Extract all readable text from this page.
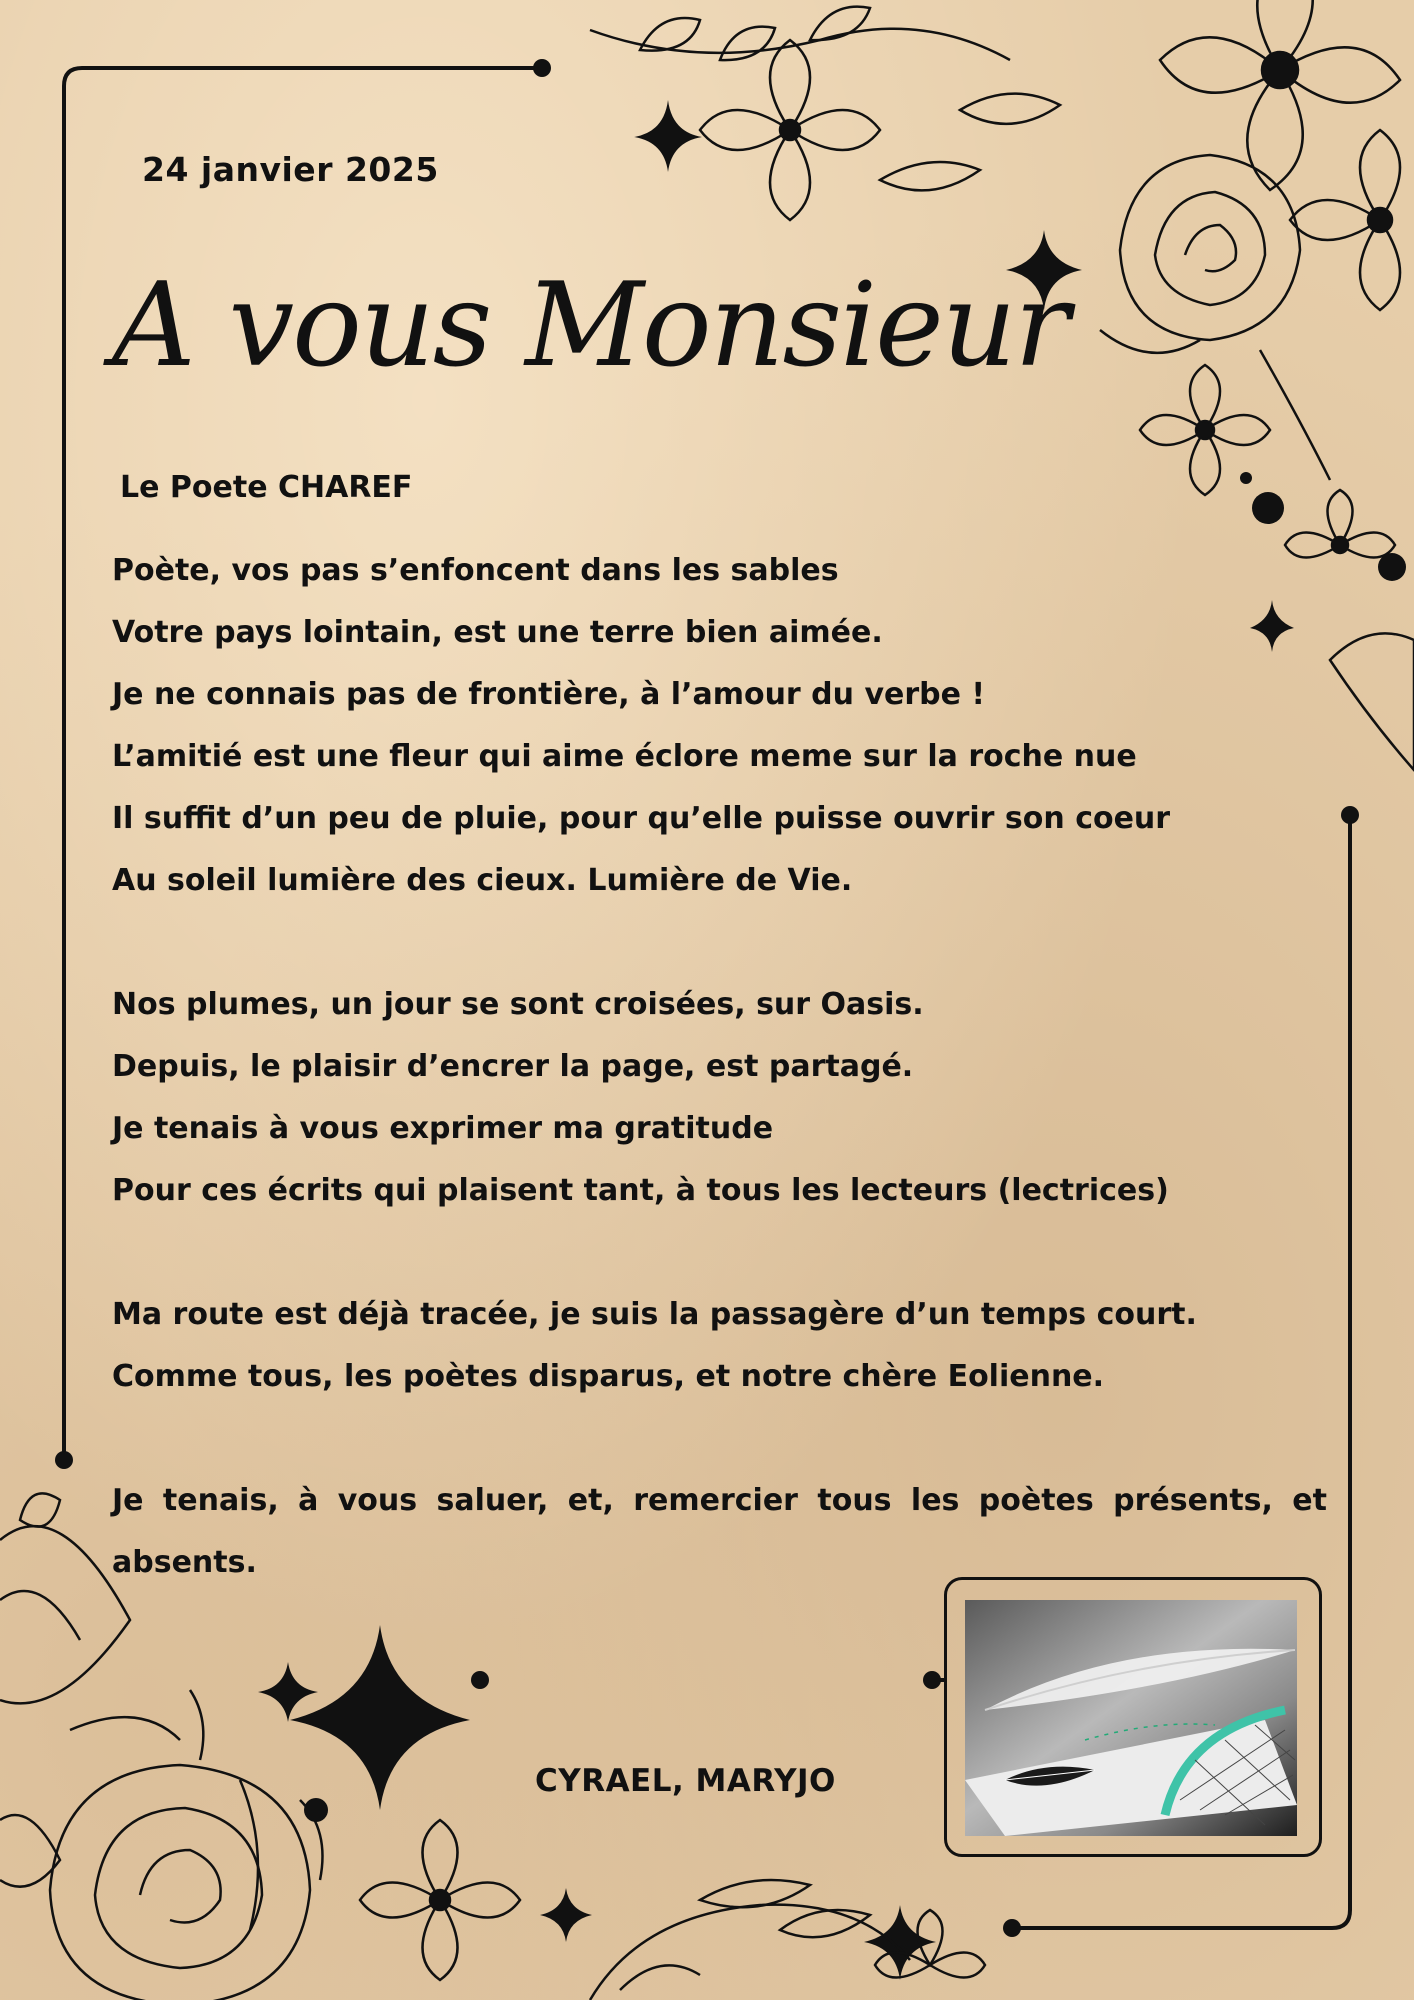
24 janvier 2025
A vous Monsieur
Le Poete CHAREF
Poète, vos pas s’enfoncent dans les sables
Votre pays lointain, est une terre bien aimée.
Je ne connais pas de frontière, à l’amour du verbe !
L’amitié est une fleur qui aime éclore meme sur la roche nue
Il suffit d’un peu de pluie, pour qu’elle puisse ouvrir son coeur
Au soleil lumière des cieux. Lumière de Vie.
Nos plumes, un jour se sont croisées, sur Oasis.
Depuis, le plaisir d’encrer la page, est partagé.
Je tenais à vous exprimer ma gratitude
Pour ces écrits qui plaisent tant, à tous les lecteurs (lectrices)
Ma route est déjà tracée, je suis la passagère d’un temps court.
Comme tous, les poètes disparus, et notre chère Eolienne.
Je tenais, à vous saluer, et, remercier tous les poètes présents, et absents.
CYRAEL, MARYJO
